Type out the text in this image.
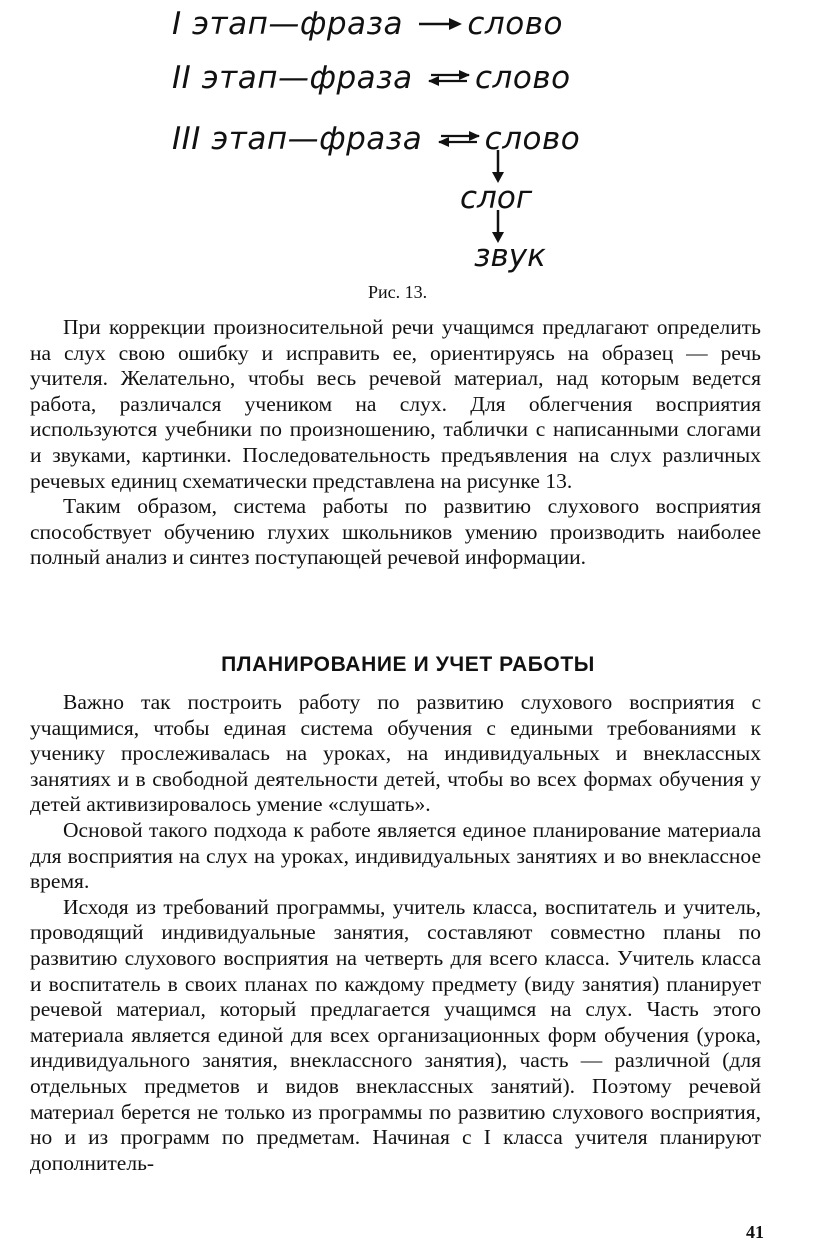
I этап—фраза слово
II этап—фраза слово
III этап—фраза слово
слог
звук
Рис. 13.

При коррекции произносительной речи учащимся предлагают определить на слух свою ошибку и исправить ее, ориентируясь на образец — речь учителя. Желательно, чтобы весь речевой материал, над которым ведется работа, различался учеником на слух. Для облегчения восприятия используются учебники по произношению, таблички с написанными слогами и звуками, картинки. Последовательность предъявления на слух различных речевых единиц схематически представлена на рисунке 13.

Таким образом, система работы по развитию слухового восприятия способствует обучению глухих школьников умению производить наиболее полный анализ и синтез поступающей речевой информации.

ПЛАНИРОВАНИЕ И УЧЕТ РАБОТЫ

Важно так построить работу по развитию слухового восприятия с учащимися, чтобы единая система обучения с едиными требованиями к ученику прослеживалась на уроках, на индивидуальных и внеклассных занятиях и в свободной деятельности детей, чтобы во всех формах обучения у детей активизировалось умение «слушать».

Основой такого подхода к работе является единое планирование материала для восприятия на слух на уроках, индивидуальных занятиях и во внеклассное время.

Исходя из требований программы, учитель класса, воспитатель и учитель, проводящий индивидуальные занятия, составляют совместно планы по развитию слухового восприятия на четверть для всего класса. Учитель класса и воспитатель в своих планах по каждому предмету (виду занятия) планирует речевой материал, который предлагается учащимся на слух. Часть этого материала является единой для всех организационных форм обучения (урока, индивидуального занятия, внеклассного занятия), часть — различной (для отдельных предметов и видов внеклассных занятий). Поэтому речевой материал берется не только из программы по развитию слухового восприятия, но и из программ по предметам. Начиная с I класса учителя планируют дополнитель-

41
